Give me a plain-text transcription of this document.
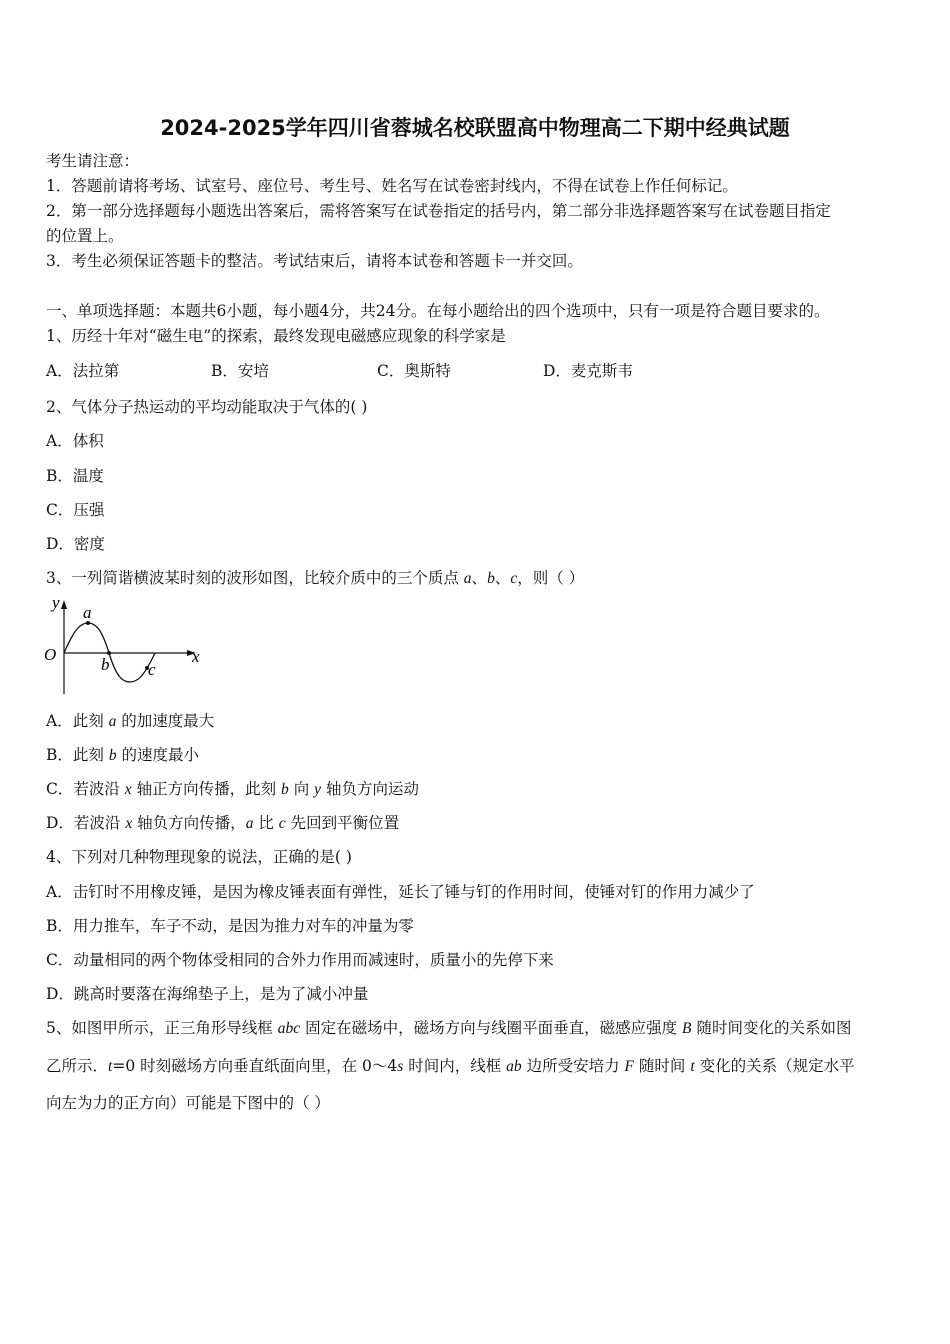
2024-2025学年四川省蓉城名校联盟高中物理高二下期中经典试题
考生请注意：
1．答题前请将考场、试室号、座位号、考生号、姓名写在试卷密封线内，不得在试卷上作任何标记。
2．第一部分选择题每小题选出答案后，需将答案写在试卷指定的括号内，第二部分非选择题答案写在试卷题目指定
的位置上。
3．考生必须保证答题卡的整洁。考试结束后，请将本试卷和答题卡一并交回。
一、单项选择题：本题共6小题，每小题4分，共24分。在每小题给出的四个选项中，只有一项是符合题目要求的。
1、历经十年对“磁生电”的探索，最终发现电磁感应现象的科学家是
A．法拉第	B．安培	C．奥斯特	D．麦克斯韦
2、气体分子热运动的平均动能取决于气体的( )
A．体积
B．温度
C．压强
D．密度
3、一列简谐横波某时刻的波形如图，比较介质中的三个质点 a、b、c，则（ ）
y
a
O
b c
x
A．此刻 a 的加速度最大
B．此刻 b 的速度最小
C．若波沿 x 轴正方向传播，此刻 b 向 y 轴负方向运动
D．若波沿 x 轴负方向传播，a 比 c 先回到平衡位置
4、下列对几种物理现象的说法，正确的是( )
A．击钉时不用橡皮锤，是因为橡皮锤表面有弹性，延长了锤与钉的作用时间，使锤对钉的作用力减少了
B．用力推车，车子不动，是因为推力对车的冲量为零
C．动量相同的两个物体受相同的合外力作用而减速时，质量小的先停下来
D．跳高时要落在海绵垫子上，是为了减小冲量
5、如图甲所示，正三角形导线框 abc 固定在磁场中，磁场方向与线圈平面垂直，磁感应强度 B 随时间变化的关系如图
乙所示．t=0 时刻磁场方向垂直纸面向里，在 0～4s 时间内，线框 ab 边所受安培力 F 随时间 t 变化的关系（规定水平
向左为力的正方向）可能是下图中的（ ）
